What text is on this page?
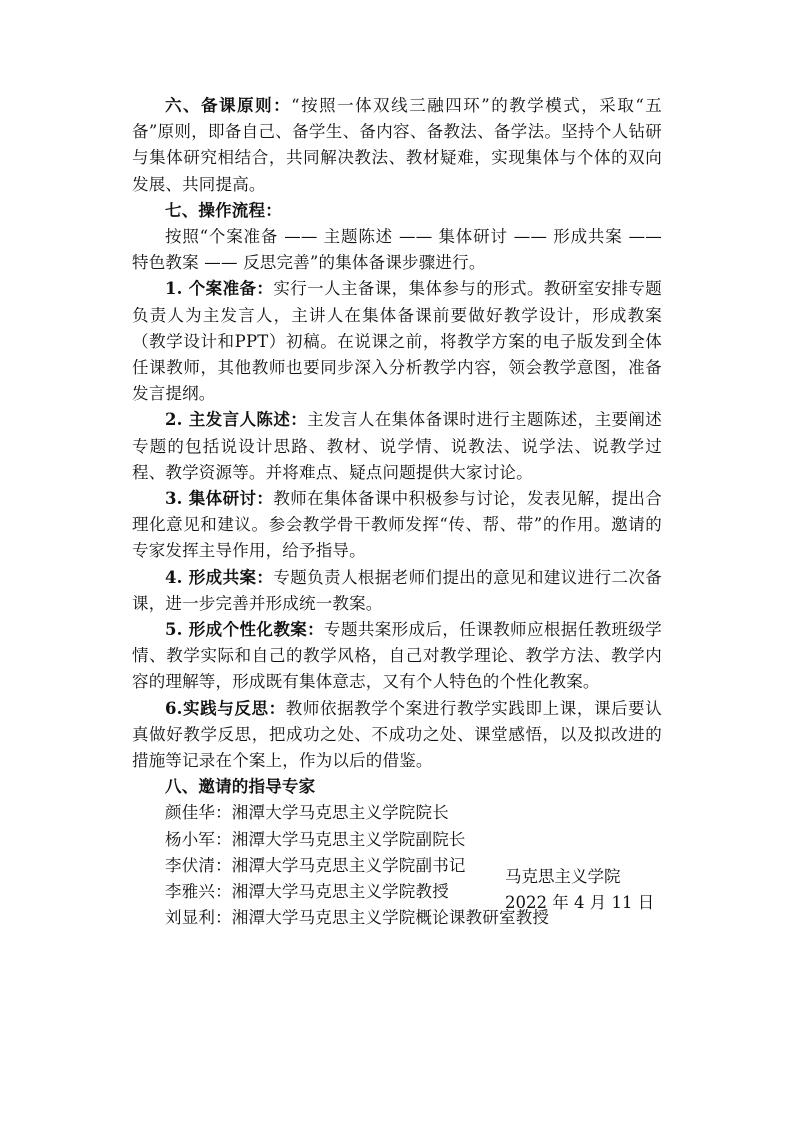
六、备课原则：“按照一体双线三融四环”的教学模式，采取“五备”原则，即备自己、备学生、备内容、备教法、备学法。坚持个人钻研与集体研究相结合，共同解决教法、教材疑难，实现集体与个体的双向发展、共同提高。

七、操作流程：

按照“个案准备 —— 主题陈述 —— 集体研讨 —— 形成共案 —— 特色教案 —— 反思完善”的集体备课步骤进行。

1. 个案准备：实行一人主备课，集体参与的形式。教研室安排专题负责人为主发言人，主讲人在集体备课前要做好教学设计，形成教案（教学设计和PPT）初稿。在说课之前，将教学方案的电子版发到全体任课教师，其他教师也要同步深入分析教学内容，领会教学意图，准备发言提纲。

2. 主发言人陈述：主发言人在集体备课时进行主题陈述，主要阐述专题的包括说设计思路、教材、说学情、说教法、说学法、说教学过程、教学资源等。并将难点、疑点问题提供大家讨论。

3. 集体研讨：教师在集体备课中积极参与讨论，发表见解，提出合理化意见和建议。参会教学骨干教师发挥“传、帮、带”的作用。邀请的专家发挥主导作用，给予指导。

4. 形成共案：专题负责人根据老师们提出的意见和建议进行二次备课，进一步完善并形成统一教案。

5. 形成个性化教案：专题共案形成后，任课教师应根据任教班级学情、教学实际和自己的教学风格，自己对教学理论、教学方法、教学内容的理解等，形成既有集体意志，又有个人特色的个性化教案。

6.实践与反思：教师依据教学个案进行教学实践即上课，课后要认真做好教学反思，把成功之处、不成功之处、课堂感悟，以及拟改进的措施等记录在个案上，作为以后的借鉴。

八、邀请的指导专家

颜佳华：湘潭大学马克思主义学院院长
杨小军：湘潭大学马克思主义学院副院长
李伏清：湘潭大学马克思主义学院副书记
李雅兴：湘潭大学马克思主义学院教授
刘显利：湘潭大学马克思主义学院概论课教研室教授

马克思主义学院

2022 年 4 月 11 日
